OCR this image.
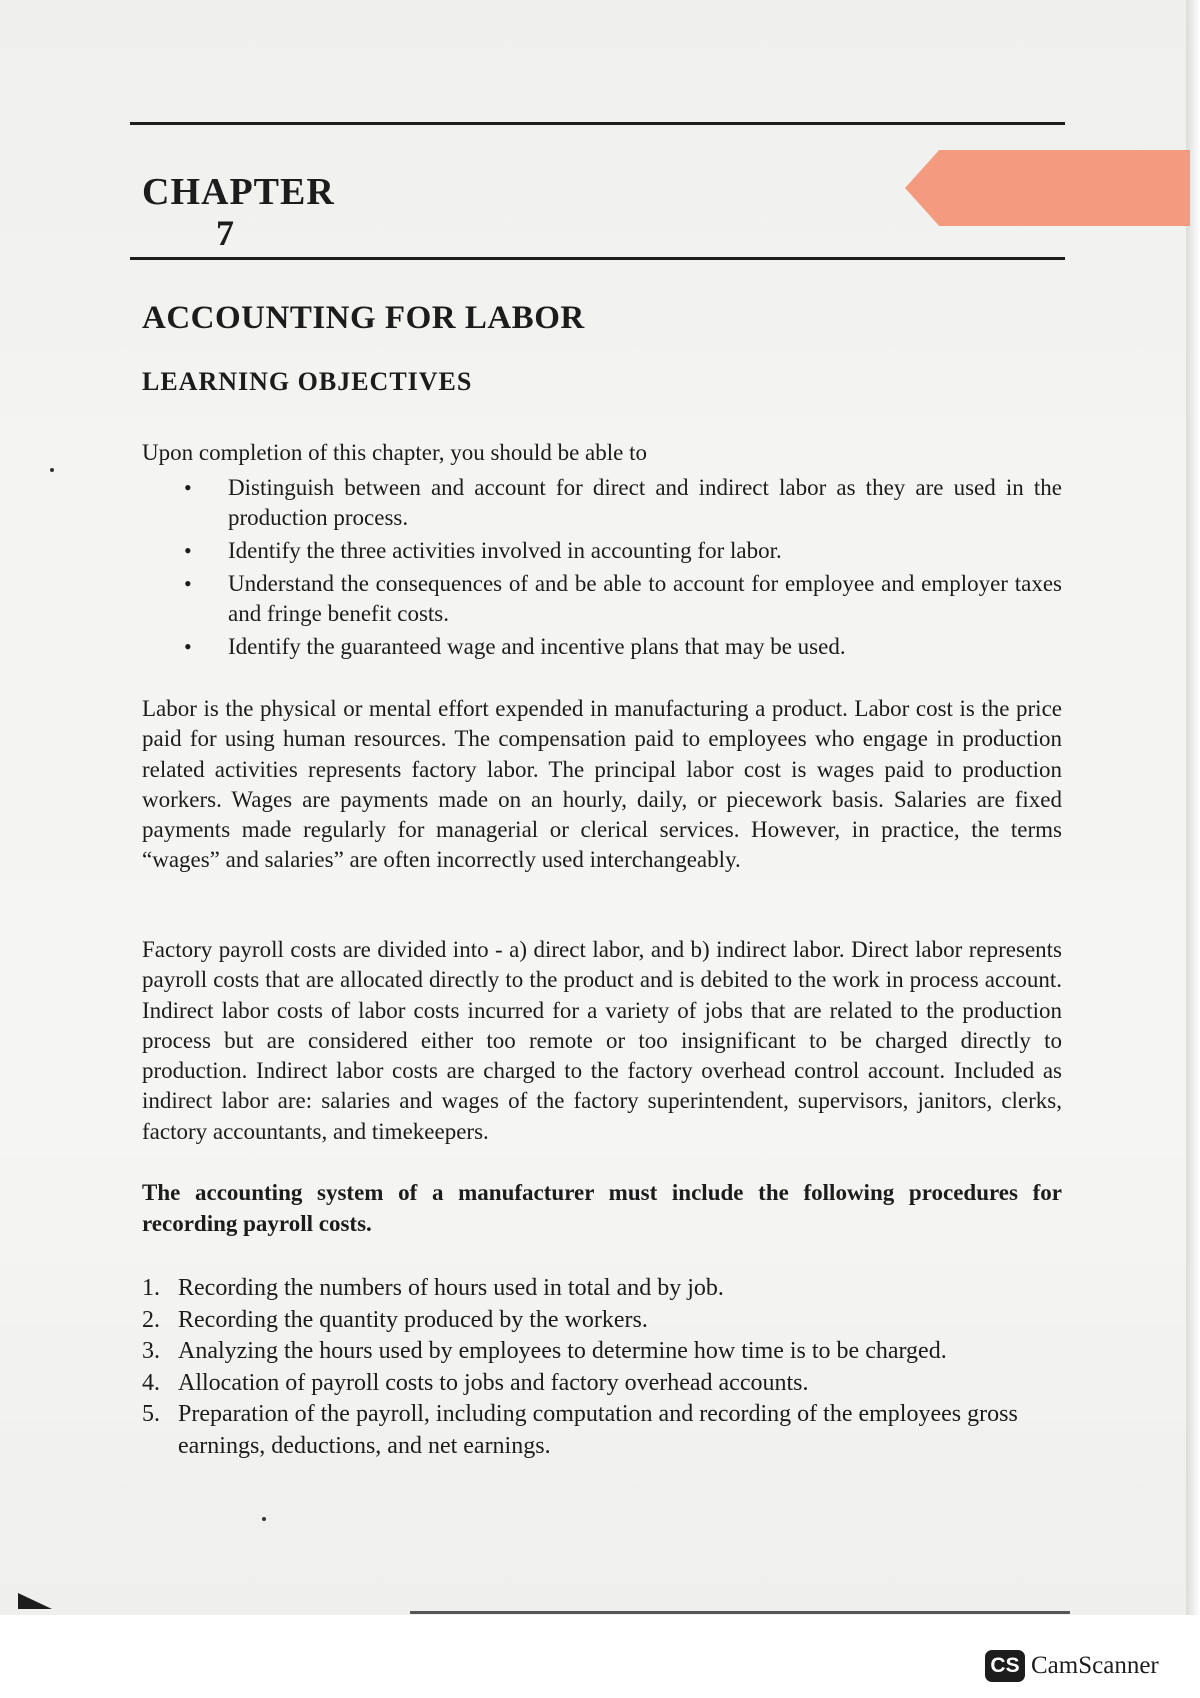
CHAPTER
7
ACCOUNTING FOR LABOR
LEARNING OBJECTIVES
Upon completion of this chapter, you should be able to
• Distinguish between and account for direct and indirect labor as they are used in the production process.
• Identify the three activities involved in accounting for labor.
• Understand the consequences of and be able to account for employee and employer taxes and fringe benefit costs.
• Identify the guaranteed wage and incentive plans that may be used.

Labor is the physical or mental effort expended in manufacturing a product. Labor cost is the price paid for using human resources. The compensation paid to employees who engage in production related activities represents factory labor. The principal labor cost is wages paid to production workers. Wages are payments made on an hourly, daily, or piecework basis. Salaries are fixed payments made regularly for managerial or clerical services. However, in practice, the terms “wages” and salaries” are often incorrectly used interchangeably.

Factory payroll costs are divided into - a) direct labor, and b) indirect labor. Direct labor represents payroll costs that are allocated directly to the product and is debited to the work in process account. Indirect labor costs of labor costs incurred for a variety of jobs that are related to the production process but are considered either too remote or too insignificant to be charged directly to production. Indirect labor costs are charged to the factory overhead control account. Included as indirect labor are: salaries and wages of the factory superintendent, supervisors, janitors, clerks, factory accountants, and timekeepers.

The accounting system of a manufacturer must include the following procedures for recording payroll costs.

1. Recording the numbers of hours used in total and by job.
2. Recording the quantity produced by the workers.
3. Analyzing the hours used by employees to determine how time is to be charged.
4. Allocation of payroll costs to jobs and factory overhead accounts.
5. Preparation of the payroll, including computation and recording of the employees gross earnings, deductions, and net earnings.
CS CamScanner
